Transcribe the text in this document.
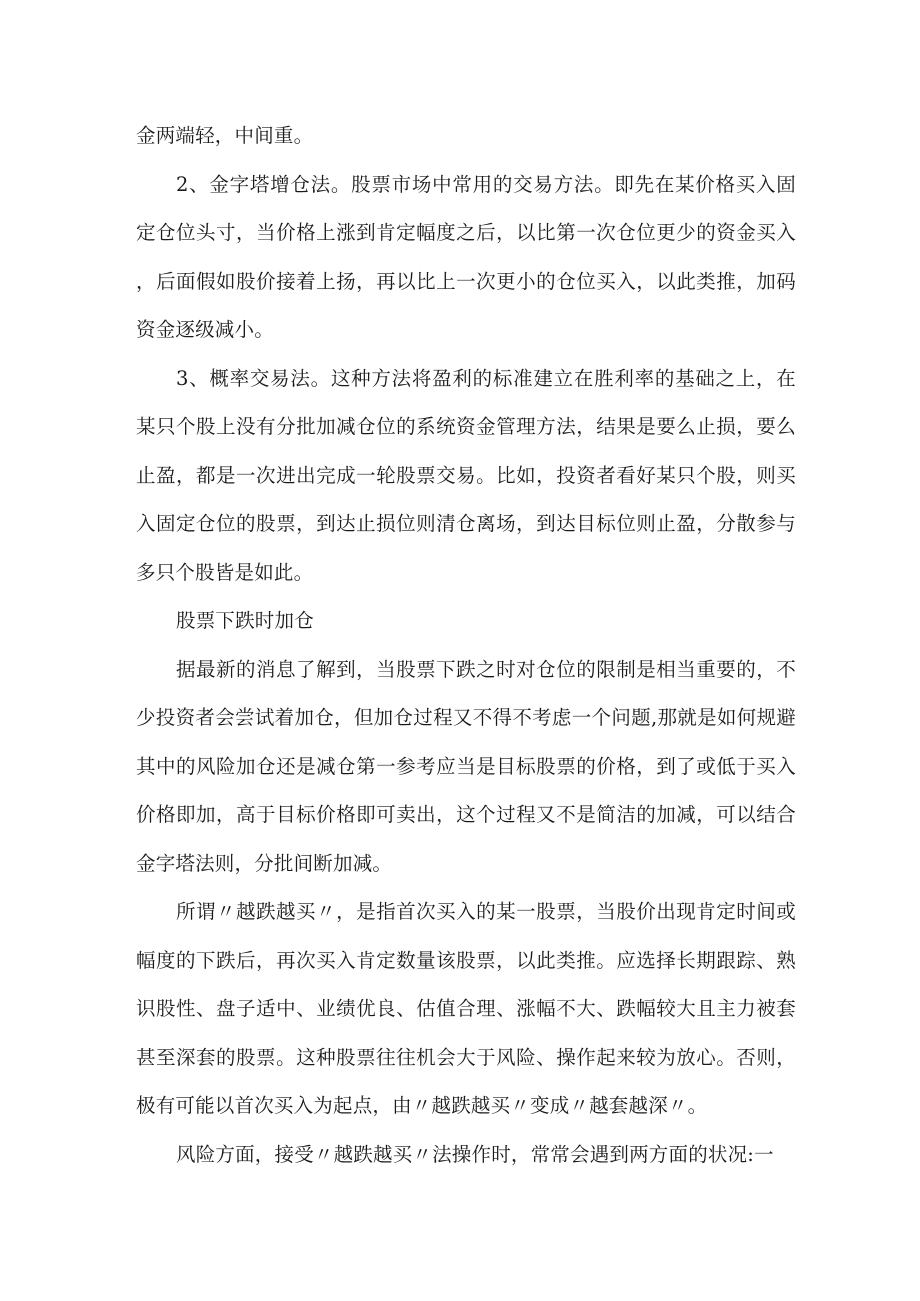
金两端轻，中间重。

2、金字塔增仓法。股票市场中常用的交易方法。即先在某价格买入固定仓位头寸，当价格上涨到肯定幅度之后，以比第一次仓位更少的资金买入，后面假如股价接着上扬，再以比上一次更小的仓位买入，以此类推，加码资金逐级减小。

3、概率交易法。这种方法将盈利的标准建立在胜利率的基础之上，在某只个股上没有分批加减仓位的系统资金管理方法，结果是要么止损，要么止盈，都是一次进出完成一轮股票交易。比如，投资者看好某只个股，则买入固定仓位的股票，到达止损位则清仓离场，到达目标位则止盈，分散参与多只个股皆是如此。

股票下跌时加仓

据最新的消息了解到，当股票下跌之时对仓位的限制是相当重要的，不少投资者会尝试着加仓，但加仓过程又不得不考虑一个问题,那就是如何规避其中的风险加仓还是减仓第一参考应当是目标股票的价格，到了或低于买入价格即加，高于目标价格即可卖出，这个过程又不是简洁的加减，可以结合金字塔法则，分批间断加减。

所谓〃越跌越买〃，是指首次买入的某一股票，当股价出现肯定时间或幅度的下跌后，再次买入肯定数量该股票，以此类推。应选择长期跟踪、熟识股性、盘子适中、业绩优良、估值合理、涨幅不大、跌幅较大且主力被套甚至深套的股票。这种股票往往机会大于风险、操作起来较为放心。否则，极有可能以首次买入为起点，由〃越跌越买〃变成〃越套越深〃。

风险方面，接受〃越跌越买〃法操作时，常常会遇到两方面的状况:一
